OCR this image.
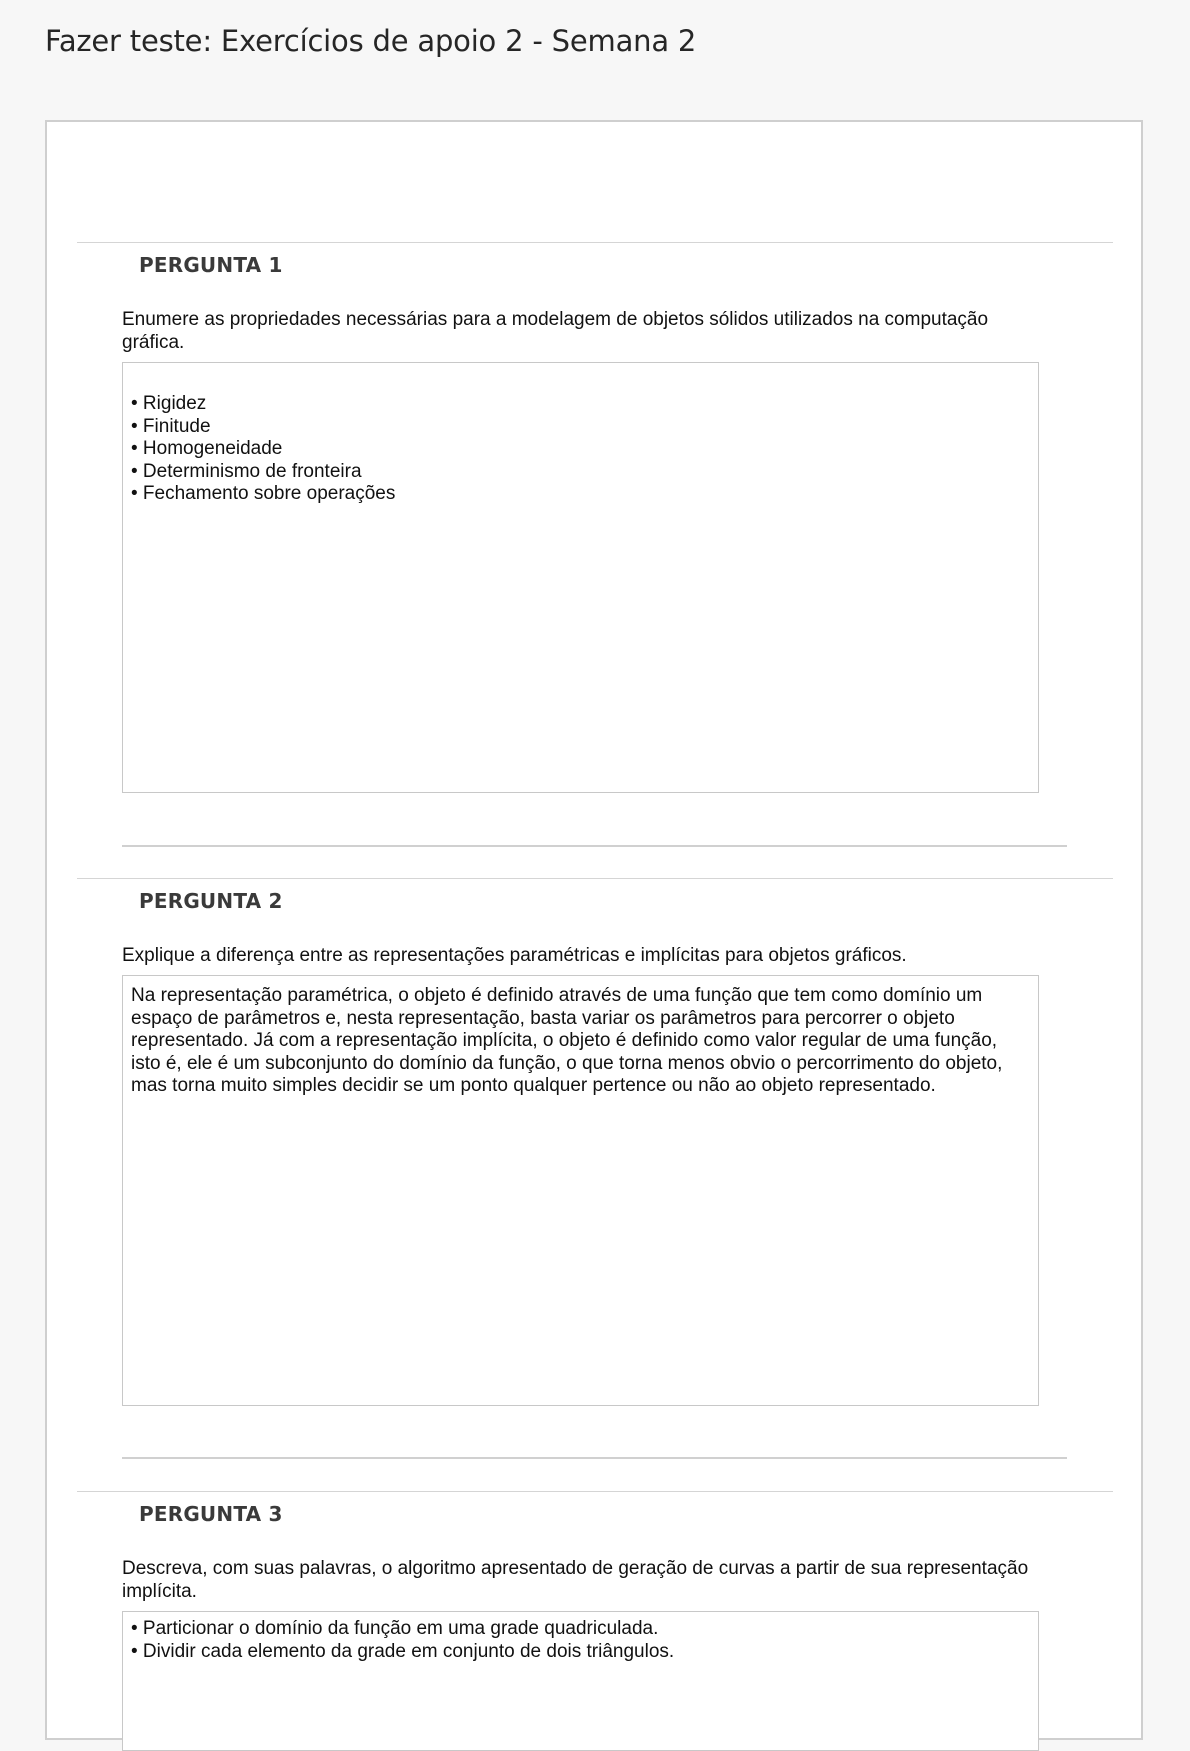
Fazer teste: Exercícios de apoio 2 - Semana 2
PERGUNTA 1
Enumere as propriedades necessárias para a modelagem de objetos sólidos utilizados na computação gráfica.
• Rigidez
• Finitude
• Homogeneidade
• Determinismo de fronteira
• Fechamento sobre operações
PERGUNTA 2
Explique a diferença entre as representações paramétricas e implícitas para objetos gráficos.
Na representação paramétrica, o objeto é definido através de uma função que tem como domínio um espaço de parâmetros e, nesta representação, basta variar os parâmetros para percorrer o objeto representado. Já com a representação implícita, o objeto é definido como valor regular de uma função, isto é, ele é um subconjunto do domínio da função, o que torna menos obvio o percorrimento do objeto, mas torna muito simples decidir se um ponto qualquer pertence ou não ao objeto representado.
PERGUNTA 3
Descreva, com suas palavras, o algoritmo apresentado de geração de curvas a partir de sua representação implícita.
• Particionar o domínio da função em uma grade quadriculada.
• Dividir cada elemento da grade em conjunto de dois triângulos.
